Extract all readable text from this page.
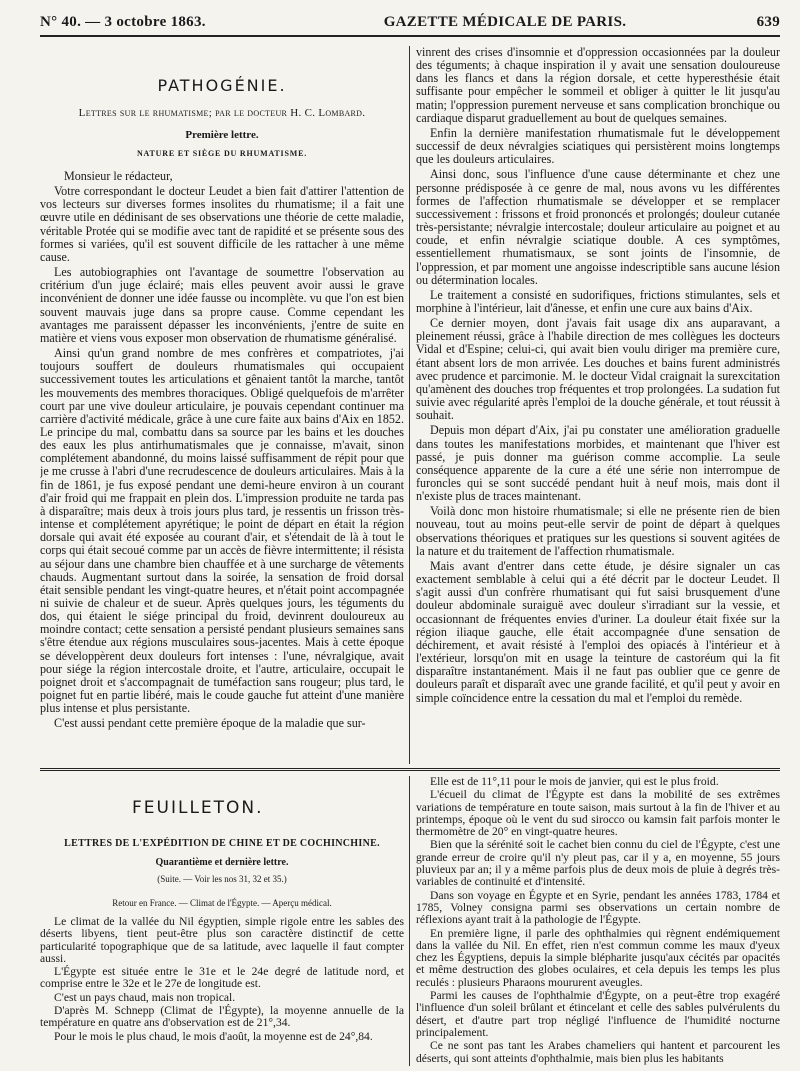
N° 40. — 3 octobre 1863.	GAZETTE MÉDICALE DE PARIS.	639
PATHOGÉNIE.
Lettres sur le rhumatisme; par le docteur H. C. Lombard.
Première lettre.
NATURE ET SIÈGE DU RHUMATISME.

Monsieur le rédacteur,

Votre correspondant le docteur Leudet a bien fait d'attirer l'attention de vos lecteurs sur diverses formes insolites du rhumatisme; il a fait une œuvre utile en dédinisant de ses observations une théorie de cette maladie, véritable Protée qui se modifie avec tant de rapidité et se présente sous des formes si variées, qu'il est souvent difficile de les rattacher à une même cause.

Les autobiographies ont l'avantage de soumettre l'observation au critérium d'un juge éclairé; mais elles peuvent avoir aussi le grave inconvénient de donner une idée fausse ou incomplète. vu que l'on est bien souvent mauvais juge dans sa propre cause. Comme cependant les avantages me paraissent dépasser les inconvénients, j'entre de suite en matière et viens vous exposer mon observation de rhumatisme généralisé.

Ainsi qu'un grand nombre de mes confrères et compatriotes, j'ai toujours souffert de douleurs rhumatismales qui occupaient successivement toutes les articulations et gênaient tantôt la marche, tantôt les mouvements des membres thoraciques. Obligé quelquefois de m'arrêter court par une vive douleur articulaire, je pouvais cependant continuer ma carrière d'activité médicale, grâce à une cure faite aux bains d'Aix en 1852. Le principe du mal, combattu dans sa source par les bains et les douches des eaux les plus antirhumatismales que je connaisse, m'avait, sinon complétement abandonné, du moins laissé suffisamment de répit pour que je me crusse à l'abri d'une recrudescence de douleurs articulaires. Mais à la fin de 1861, je fus exposé pendant une demi-heure environ à un courant d'air froid qui me frappait en plein dos. L'impression produite ne tarda pas à disparaître; mais deux à trois jours plus tard, je ressentis un frisson très-intense et complétement apyrétique; le point de départ en était la région dorsale qui avait été exposée au courant d'air, et s'étendait de là à tout le corps qui était secoué comme par un accès de fièvre intermittente; il résista au séjour dans une chambre bien chauffée et à une surcharge de vêtements chauds. Augmentant surtout dans la soirée, la sensation de froid dorsal était sensible pendant les vingt-quatre heures, et n'était point accompagnée ni suivie de chaleur et de sueur. Après quelques jours, les téguments du dos, qui étaient le siége principal du froid, devinrent douloureux au moindre contact; cette sensation a persisté pendant plusieurs semaines sans s'être étendue aux régions musculaires sous-jacentes. Mais à cette époque se développèrent deux douleurs fort intenses : l'une, névralgique, avait pour siége la région intercostale droite, et l'autre, articulaire, occupait le poignet droit et s'accompagnait de tuméfaction sans rougeur; plus tard, le poignet fut en partie libéré, mais le coude gauche fut atteint d'une manière plus intense et plus persistante.

C'est aussi pendant cette première époque de la maladie que sur-

vinrent des crises d'insomnie et d'oppression occasionnées par la douleur des téguments; à chaque inspiration il y avait une sensation douloureuse dans les flancs et dans la région dorsale, et cette hyperesthésie était suffisante pour empêcher le sommeil et obliger à quitter le lit jusqu'au matin; l'oppression purement nerveuse et sans complication bronchique ou cardiaque disparut graduellement au bout de quelques semaines.

Enfin la dernière manifestation rhumatismale fut le développement successif de deux névralgies sciatiques qui persistèrent moins longtemps que les douleurs articulaires.

Ainsi donc, sous l'influence d'une cause déterminante et chez une personne prédisposée à ce genre de mal, nous avons vu les différentes formes de l'affection rhumatismale se développer et se remplacer successivement : frissons et froid prononcés et prolongés; douleur cutanée très-persistante; névralgie intercostale; douleur articulaire au poignet et au coude, et enfin névralgie sciatique double. A ces symptômes, essentiellement rhumatismaux, se sont joints de l'insomnie, de l'oppression, et par moment une angoisse indescriptible sans aucune lésion ou détermination locales.

Le traitement a consisté en sudorifiques, frictions stimulantes, sels et morphine à l'intérieur, lait d'ânesse, et enfin une cure aux bains d'Aix.

Ce dernier moyen, dont j'avais fait usage dix ans auparavant, a pleinement réussi, grâce à l'habile direction de mes collègues les docteurs Vidal et d'Espine; celui-ci, qui avait bien voulu diriger ma première cure, étant absent lors de mon arrivée. Les douches et bains furent administrés avec prudence et parcimonie. M. le docteur Vidal craignait la surexcitation qu'amènent des douches trop fréquentes et trop prolongées. La sudation fut suivie avec régularité après l'emploi de la douche générale, et tout réussit à souhait.

Depuis mon départ d'Aix, j'ai pu constater une amélioration graduelle dans toutes les manifestations morbides, et maintenant que l'hiver est passé, je puis donner ma guérison comme accomplie. La seule conséquence apparente de la cure a été une série non interrompue de furoncles qui se sont succédé pendant huit à neuf mois, mais dont il n'existe plus de traces maintenant.

Voilà donc mon histoire rhumatismale; si elle ne présente rien de bien nouveau, tout au moins peut-elle servir de point de départ à quelques observations théoriques et pratiques sur les questions si souvent agitées de la nature et du traitement de l'affection rhumatismale.

Mais avant d'entrer dans cette étude, je désire signaler un cas exactement semblable à celui qui a été décrit par le docteur Leudet. Il s'agit aussi d'un confrère rhumatisant qui fut saisi brusquement d'une douleur abdominale suraiguë avec douleur s'irradiant sur la vessie, et occasionnant de fréquentes envies d'uriner. La douleur était fixée sur la région iliaque gauche, elle était accompagnée d'une sensation de déchirement, et avait résisté à l'emploi des opiacés à l'intérieur et à l'extérieur, lorsqu'on mit en usage la teinture de castoréum qui la fit disparaître instantanément. Mais il ne faut pas oublier que ce genre de douleurs paraît et disparaît avec une grande facilité, et qu'il peut y avoir en simple coïncidence entre la cessation du mal et l'emploi du remède.

FEUILLETON.
LETTRES DE L'EXPÉDITION DE CHINE ET DE COCHINCHINE.
Quarantième et dernière lettre.
(Suite. — Voir les nos 31, 32 et 35.)
Retour en France. — Climat de l'Égypte. — Aperçu médical.

Le climat de la vallée du Nil égyptien, simple rigole entre les sables des déserts libyens, tient peut-être plus son caractère distinctif de cette particularité topographique que de sa latitude, avec laquelle il faut compter aussi.

L'Égypte est située entre le 31e et le 24e degré de latitude nord, et comprise entre le 32e et le 27e de longitude est.

C'est un pays chaud, mais non tropical.

D'après M. Schnepp (Climat de l'Égypte), la moyenne annuelle de la température en quatre ans d'observation est de 21°,34.

Pour le mois le plus chaud, le mois d'août, la moyenne est de 24°,84.

Elle est de 11°,11 pour le mois de janvier, qui est le plus froid.

L'écueil du climat de l'Égypte est dans la mobilité de ses extrêmes variations de température en toute saison, mais surtout à la fin de l'hiver et au printemps, époque où le vent du sud sirocco ou kamsin fait parfois monter le thermomètre de 20° en vingt-quatre heures.

Bien que la sérénité soit le cachet bien connu du ciel de l'Égypte, c'est une grande erreur de croire qu'il n'y pleut pas, car il y a, en moyenne, 55 jours pluvieux par an; il y a même parfois plus de deux mois de pluie à degrés très-variables de continuité et d'intensité.

Dans son voyage en Égypte et en Syrie, pendant les années 1783, 1784 et 1785, Volney consigna parmi ses observations un certain nombre de réflexions ayant trait à la pathologie de l'Égypte.

En première ligne, il parle des ophthalmies qui règnent endémiquement dans la vallée du Nil. En effet, rien n'est commun comme les maux d'yeux chez les Égyptiens, depuis la simple blépharite jusqu'aux cécités par opacités et même destruction des globes oculaires, et cela depuis les temps les plus reculés : plusieurs Pharaons moururent aveugles.

Parmi les causes de l'ophthalmie d'Égypte, on a peut-être trop exagéré l'influence d'un soleil brûlant et étincelant et celle des sables pulvérulents du désert, et d'autre part trop négligé l'influence de l'humidité nocturne principalement.

Ce ne sont pas tant les Arabes chameliers qui hantent et parcourent les déserts, qui sont atteints d'ophthalmie, mais bien plus les habitants
